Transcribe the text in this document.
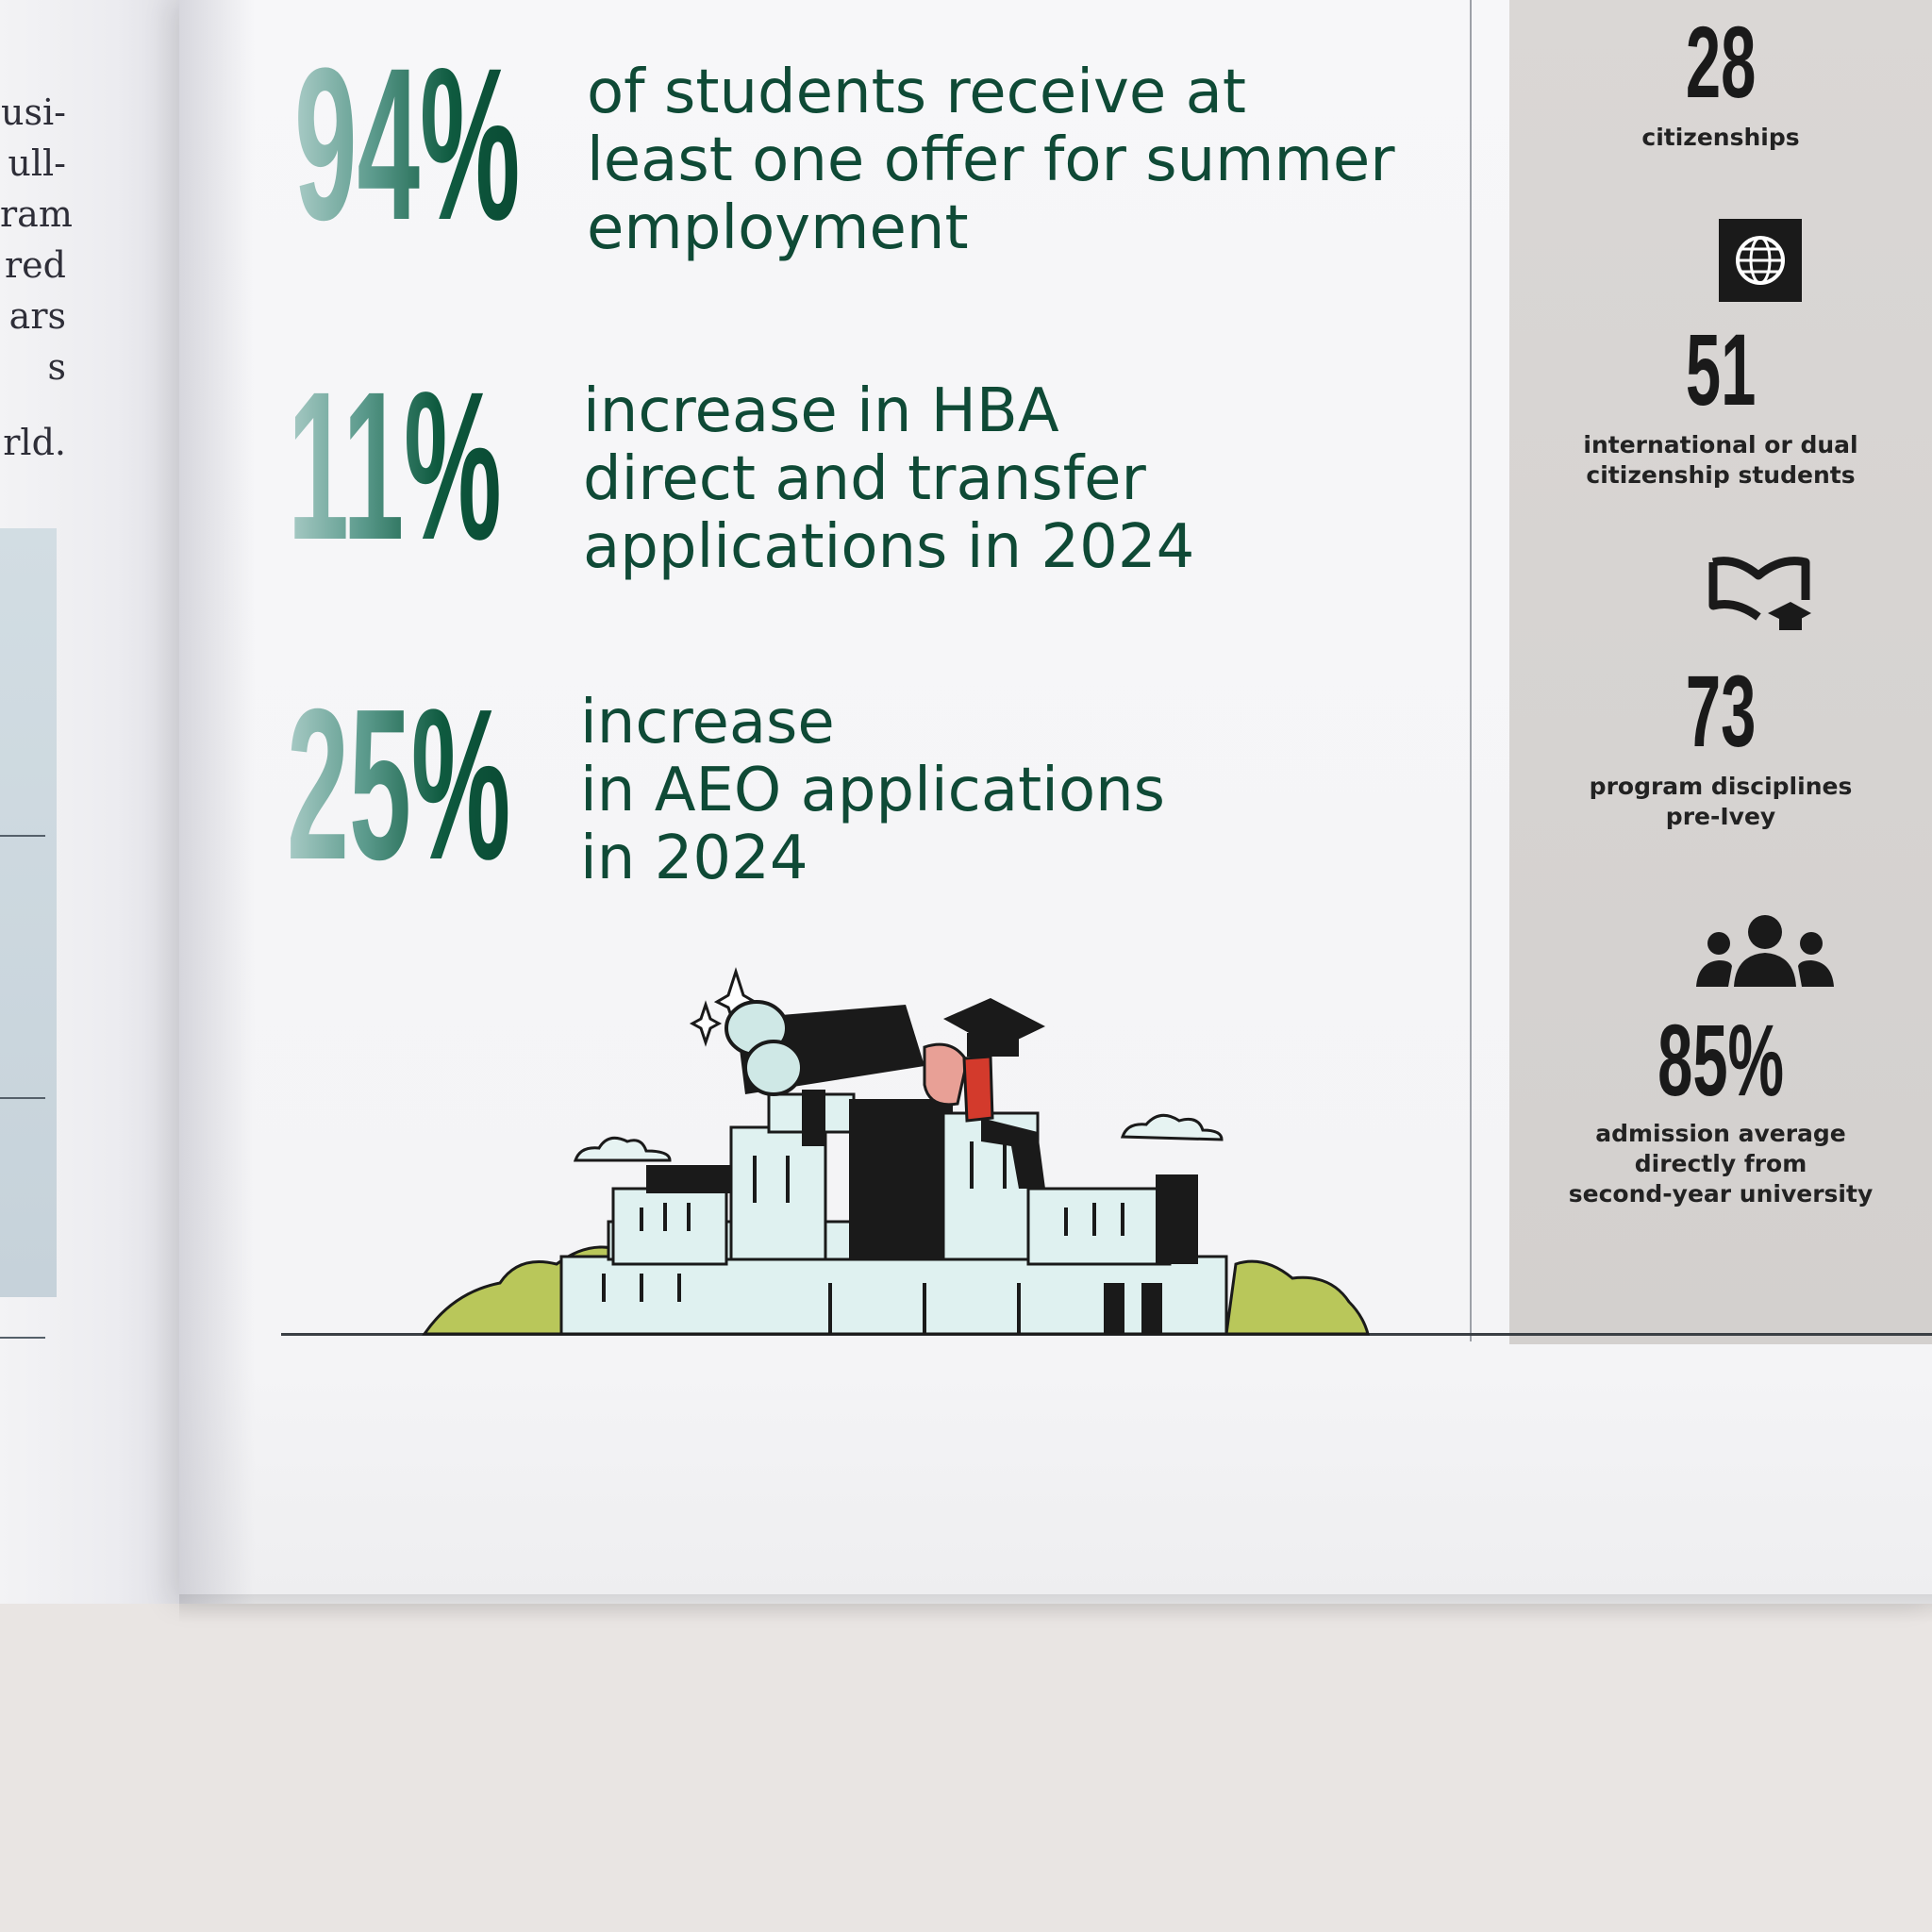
usi-
ull-
ram
red
ars
s
rld.
94% of students receive at
least one offer for summer
employment
11% increase in HBA
direct and transfer
applications in 2024
25% increase
in AEO applications
in 2024
28
citizenships
51
international or dual
citizenship students
73
program disciplines
pre-Ivey
85%
admission average
directly from
second-year university
